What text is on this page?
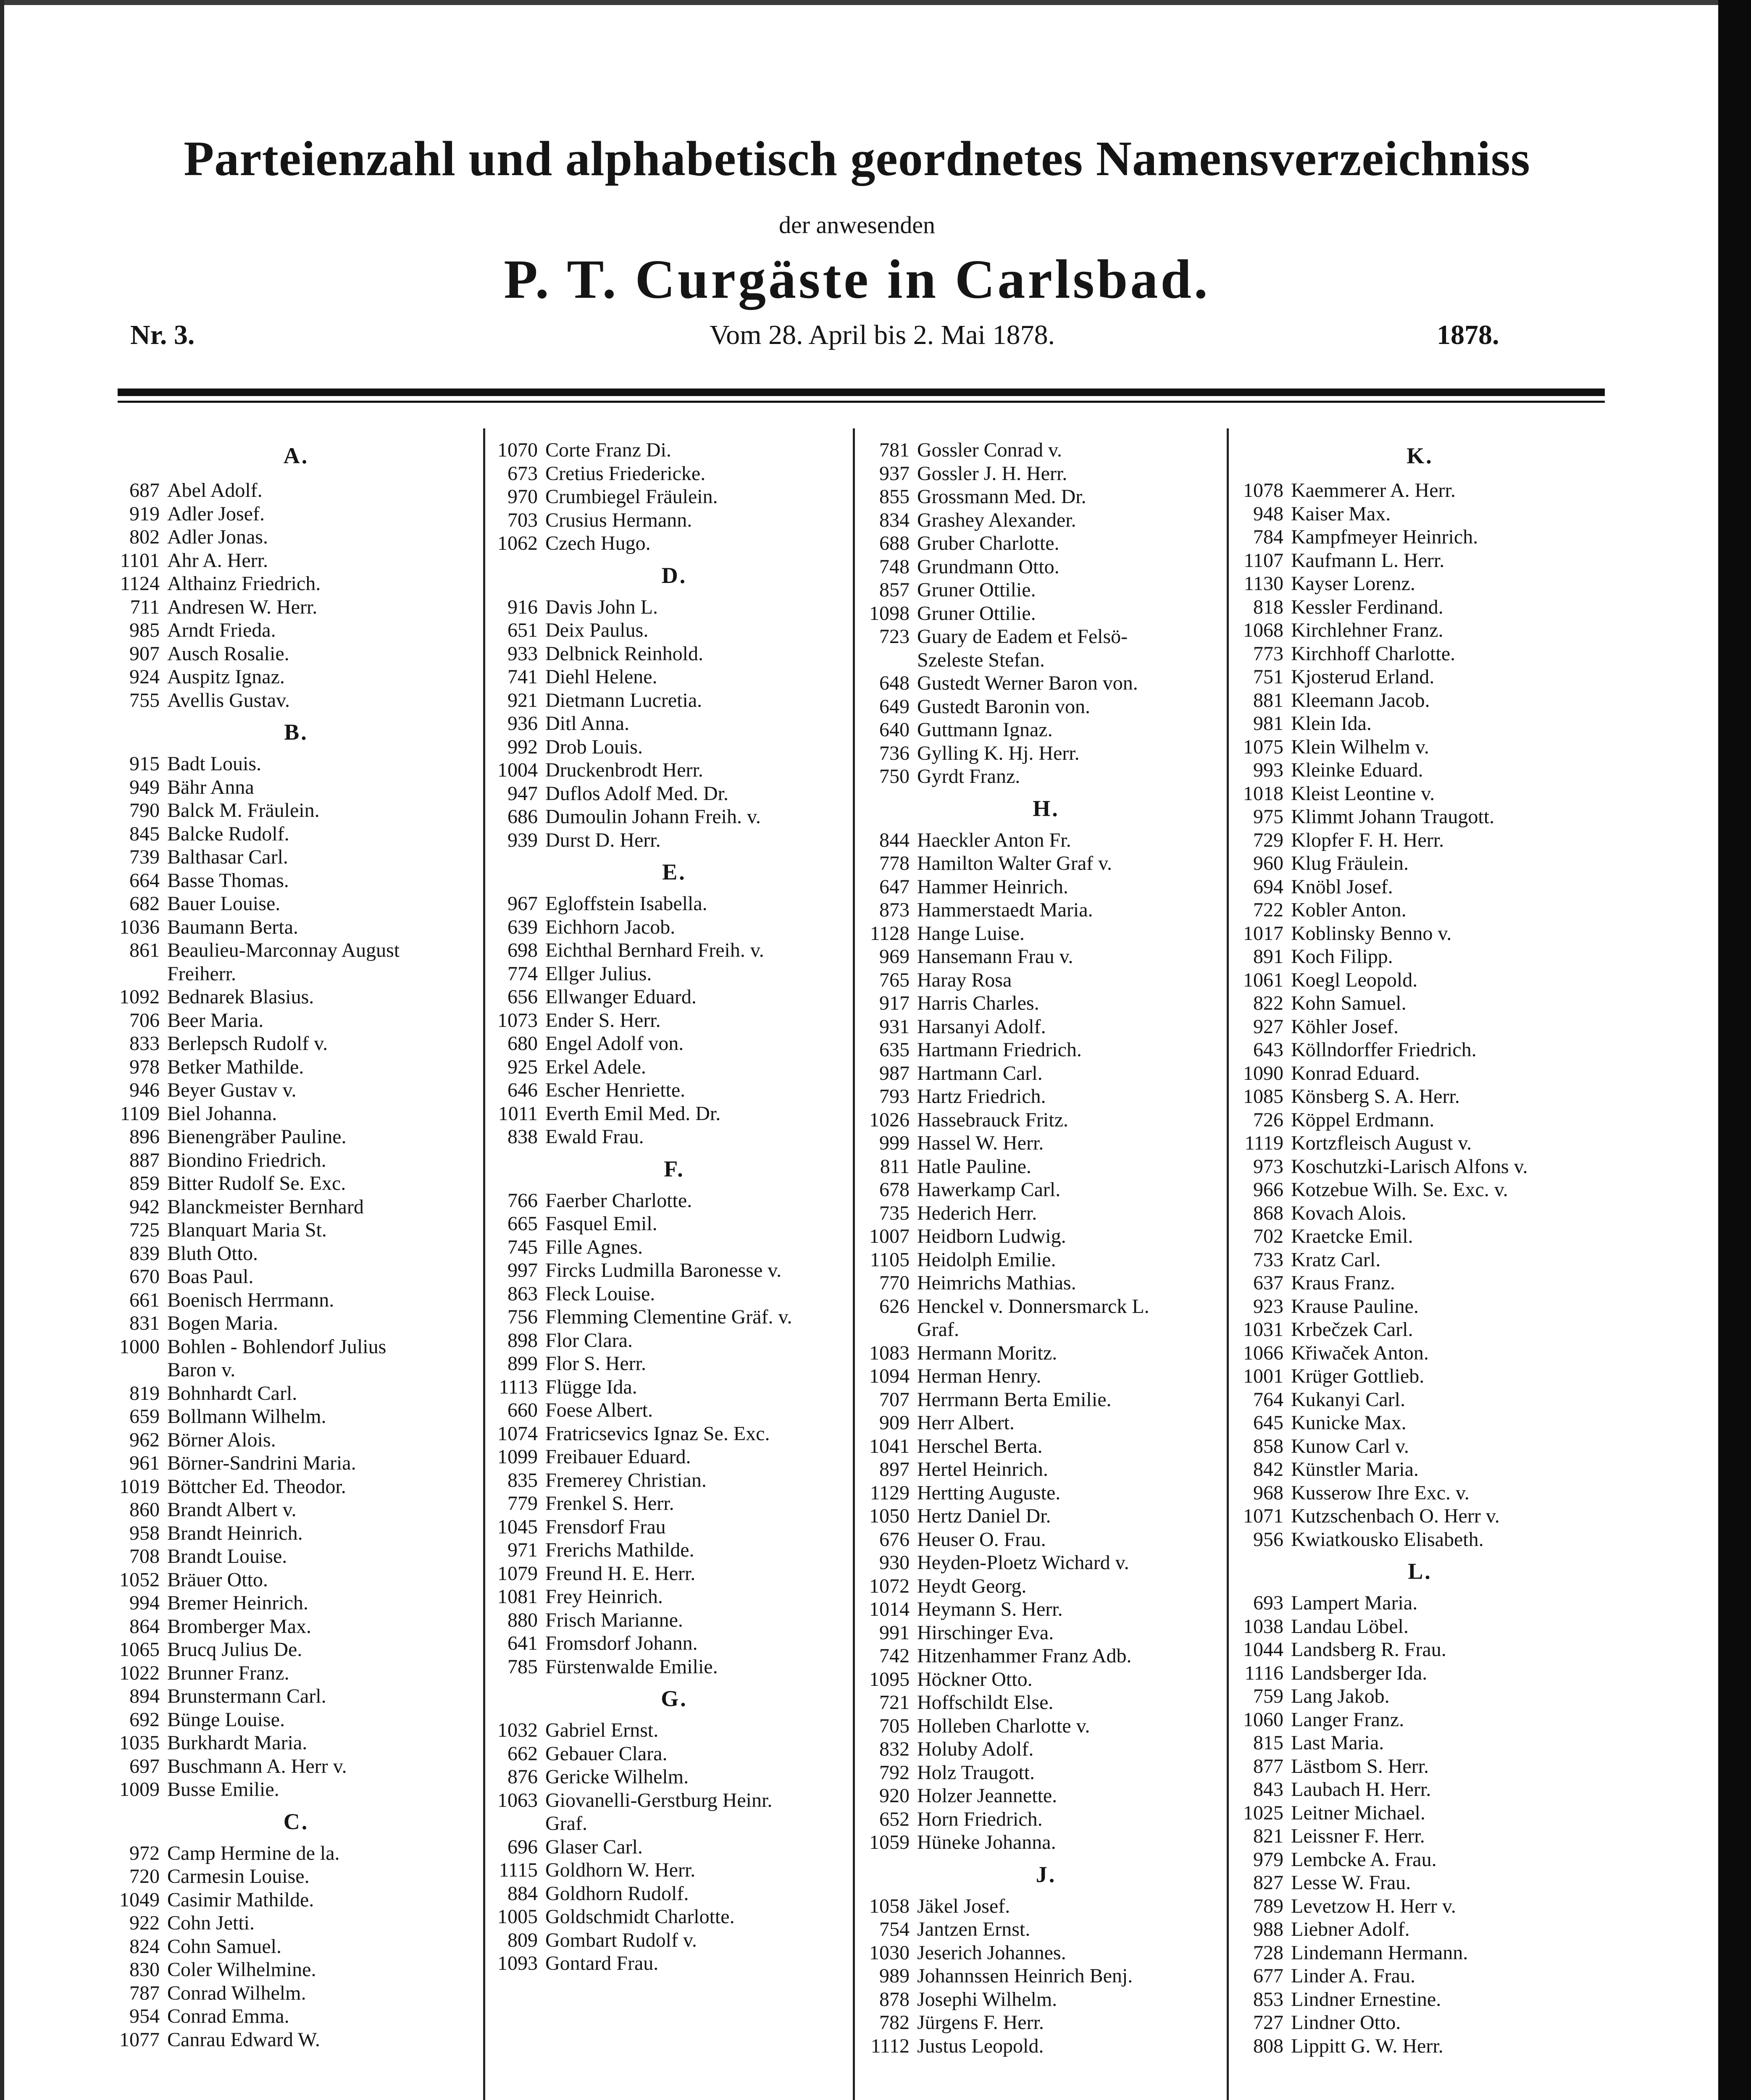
Parteienzahl und alphabetisch geordnetes Namensverzeichniss
der anwesenden
P. T. Curgäste in Carlsbad.
Nr. 3.	Vom 28. April bis 2. Mai 1878.	1878.
A.
687 Abel Adolf.
919 Adler Josef.
802 Adler Jonas.
1101 Ahr A. Herr.
1124 Althainz Friedrich.
711 Andresen W. Herr.
985 Arndt Frieda.
907 Ausch Rosalie.
924 Auspitz Ignaz.
755 Avellis Gustav.
B.
915 Badt Louis.
949 Bähr Anna
790 Balck M. Fräulein.
845 Balcke Rudolf.
739 Balthasar Carl.
664 Basse Thomas.
682 Bauer Louise.
1036 Baumann Berta.
861 Beaulieu-Marconnay August
Freiherr.
1092 Bednarek Blasius.
706 Beer Maria.
833 Berlepsch Rudolf v.
978 Betker Mathilde.
946 Beyer Gustav v.
1109 Biel Johanna.
896 Bienengräber Pauline.
887 Biondino Friedrich.
859 Bitter Rudolf Se. Exc.
942 Blanckmeister Bernhard
725 Blanquart Maria St.
839 Bluth Otto.
670 Boas Paul.
661 Boenisch Herrmann.
831 Bogen Maria.
1000 Bohlen - Bohlendorf Julius
Baron v.
819 Bohnhardt Carl.
659 Bollmann Wilhelm.
962 Börner Alois.
961 Börner-Sandrini Maria.
1019 Böttcher Ed. Theodor.
860 Brandt Albert v.
958 Brandt Heinrich.
708 Brandt Louise.
1052 Bräuer Otto.
994 Bremer Heinrich.
864 Bromberger Max.
1065 Brucq Julius De.
1022 Brunner Franz.
894 Brunstermann Carl.
692 Bünge Louise.
1035 Burkhardt Maria.
697 Buschmann A. Herr v.
1009 Busse Emilie.
C.
972 Camp Hermine de la.
720 Carmesin Louise.
1049 Casimir Mathilde.
922 Cohn Jetti.
824 Cohn Samuel.
830 Coler Wilhelmine.
787 Conrad Wilhelm.
954 Conrad Emma.
1077 Canrau Edward W.
1070 Corte Franz Di.
673 Cretius Friedericke.
970 Crumbiegel Fräulein.
703 Crusius Hermann.
1062 Czech Hugo.
D.
916 Davis John L.
651 Deix Paulus.
933 Delbnick Reinhold.
741 Diehl Helene.
921 Dietmann Lucretia.
936 Ditl Anna.
992 Drob Louis.
1004 Druckenbrodt Herr.
947 Duflos Adolf Med. Dr.
686 Dumoulin Johann Freih. v.
939 Durst D. Herr.
E.
967 Egloffstein Isabella.
639 Eichhorn Jacob.
698 Eichthal Bernhard Freih. v.
774 Ellger Julius.
656 Ellwanger Eduard.
1073 Ender S. Herr.
680 Engel Adolf von.
925 Erkel Adele.
646 Escher Henriette.
1011 Everth Emil Med. Dr.
838 Ewald Frau.
F.
766 Faerber Charlotte.
665 Fasquel Emil.
745 Fille Agnes.
997 Fircks Ludmilla Baronesse v.
863 Fleck Louise.
756 Flemming Clementine Gräf. v.
898 Flor Clara.
899 Flor S. Herr.
1113 Flügge Ida.
660 Foese Albert.
1074 Fratricsevics Ignaz Se. Exc.
1099 Freibauer Eduard.
835 Fremerey Christian.
779 Frenkel S. Herr.
1045 Frensdorf Frau
971 Frerichs Mathilde.
1079 Freund H. E. Herr.
1081 Frey Heinrich.
880 Frisch Marianne.
641 Fromsdorf Johann.
785 Fürstenwalde Emilie.
G.
1032 Gabriel Ernst.
662 Gebauer Clara.
876 Gericke Wilhelm.
1063 Giovanelli-Gerstburg Heinr.
Graf.
696 Glaser Carl.
1115 Goldhorn W. Herr.
884 Goldhorn Rudolf.
1005 Goldschmidt Charlotte.
809 Gombart Rudolf v.
1093 Gontard Frau.
781 Gossler Conrad v.
937 Gossler J. H. Herr.
855 Grossmann Med. Dr.
834 Grashey Alexander.
688 Gruber Charlotte.
748 Grundmann Otto.
857 Gruner Ottilie.
1098 Gruner Ottilie.
723 Guary de Eadem et Felsö-
Szeleste Stefan.
648 Gustedt Werner Baron von.
649 Gustedt Baronin von.
640 Guttmann Ignaz.
736 Gylling K. Hj. Herr.
750 Gyrdt Franz.
H.
844 Haeckler Anton Fr.
778 Hamilton Walter Graf v.
647 Hammer Heinrich.
873 Hammerstaedt Maria.
1128 Hange Luise.
969 Hansemann Frau v.
765 Haray Rosa
917 Harris Charles.
931 Harsanyi Adolf.
635 Hartmann Friedrich.
987 Hartmann Carl.
793 Hartz Friedrich.
1026 Hassebrauck Fritz.
999 Hassel W. Herr.
811 Hatle Pauline.
678 Hawerkamp Carl.
735 Hederich Herr.
1007 Heidborn Ludwig.
1105 Heidolph Emilie.
770 Heimrichs Mathias.
626 Henckel v. Donnersmarck L.
Graf.
1083 Hermann Moritz.
1094 Herman Henry.
707 Herrmann Berta Emilie.
909 Herr Albert.
1041 Herschel Berta.
897 Hertel Heinrich.
1129 Hertting Auguste.
1050 Hertz Daniel Dr.
676 Heuser O. Frau.
930 Heyden-Ploetz Wichard v.
1072 Heydt Georg.
1014 Heymann S. Herr.
991 Hirschinger Eva.
742 Hitzenhammer Franz Adb.
1095 Höckner Otto.
721 Hoffschildt Else.
705 Holleben Charlotte v.
832 Holuby Adolf.
792 Holz Traugott.
920 Holzer Jeannette.
652 Horn Friedrich.
1059 Hüneke Johanna.
J.
1058 Jäkel Josef.
754 Jantzen Ernst.
1030 Jeserich Johannes.
989 Johannssen Heinrich Benj.
878 Josephi Wilhelm.
782 Jürgens F. Herr.
1112 Justus Leopold.
K.
1078 Kaemmerer A. Herr.
948 Kaiser Max.
784 Kampfmeyer Heinrich.
1107 Kaufmann L. Herr.
1130 Kayser Lorenz.
818 Kessler Ferdinand.
1068 Kirchlehner Franz.
773 Kirchhoff Charlotte.
751 Kjosterud Erland.
881 Kleemann Jacob.
981 Klein Ida.
1075 Klein Wilhelm v.
993 Kleinke Eduard.
1018 Kleist Leontine v.
975 Klimmt Johann Traugott.
729 Klopfer F. H. Herr.
960 Klug Fräulein.
694 Knöbl Josef.
722 Kobler Anton.
1017 Koblinsky Benno v.
891 Koch Filipp.
1061 Koegl Leopold.
822 Kohn Samuel.
927 Köhler Josef.
643 Köllndorffer Friedrich.
1090 Konrad Eduard.
1085 Könsberg S. A. Herr.
726 Köppel Erdmann.
1119 Kortzfleisch August v.
973 Koschutzki-Larisch Alfons v.
966 Kotzebue Wilh. Se. Exc. v.
868 Kovach Alois.
702 Kraetcke Emil.
733 Kratz Carl.
637 Kraus Franz.
923 Krause Pauline.
1031 Krbečzek Carl.
1066 Křiwaček Anton.
1001 Krüger Gottlieb.
764 Kukanyi Carl.
645 Kunicke Max.
858 Kunow Carl v.
842 Künstler Maria.
968 Kusserow Ihre Exc. v.
1071 Kutzschenbach O. Herr v.
956 Kwiatkousko Elisabeth.
L.
693 Lampert Maria.
1038 Landau Löbel.
1044 Landsberg R. Frau.
1116 Landsberger Ida.
759 Lang Jakob.
1060 Langer Franz.
815 Last Maria.
877 Lästbom S. Herr.
843 Laubach H. Herr.
1025 Leitner Michael.
821 Leissner F. Herr.
979 Lembcke A. Frau.
827 Lesse W. Frau.
789 Levetzow H. Herr v.
988 Liebner Adolf.
728 Lindemann Hermann.
677 Linder A. Frau.
853 Lindner Ernestine.
727 Lindner Otto.
808 Lippitt G. W. Herr.
